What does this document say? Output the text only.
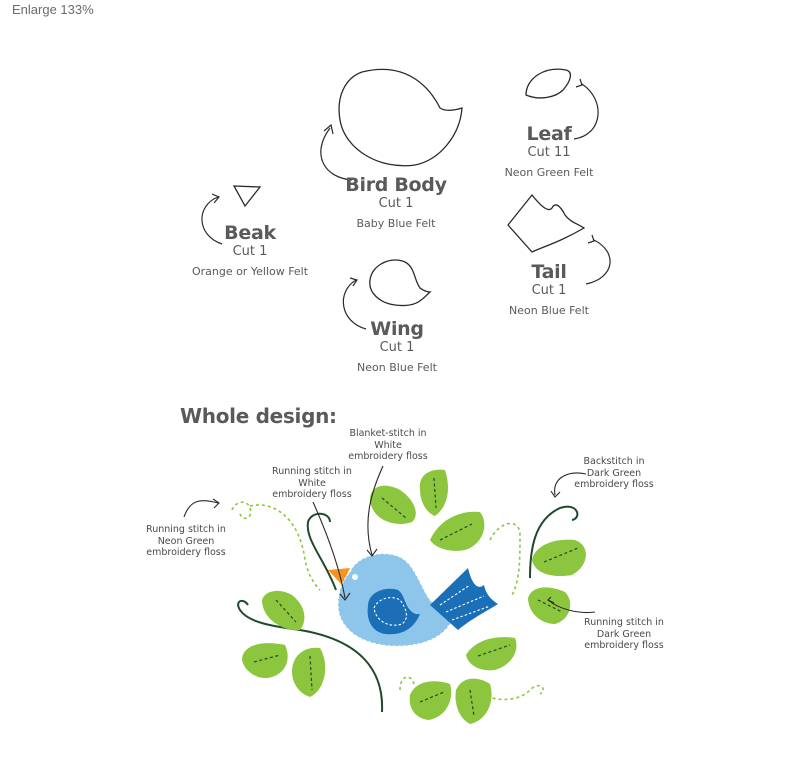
Enlarge 133%
Bird Body
Cut 1
Baby Blue Felt
Leaf
Cut 11
Neon Green Felt
Beak
Cut 1
Orange or Yellow Felt	Tail
Cut 1
Neon Blue Felt
Wing
Cut 1
Neon Blue Felt
Whole design:
Blanket-stitch in
White
embroidery floss
Running stitch in
White
embroidery floss
Running stitch in
Neon Green
embroidery floss
Backstitch in
Dark Green
embroidery floss
Running stitch in
Dark Green
embroidery floss
